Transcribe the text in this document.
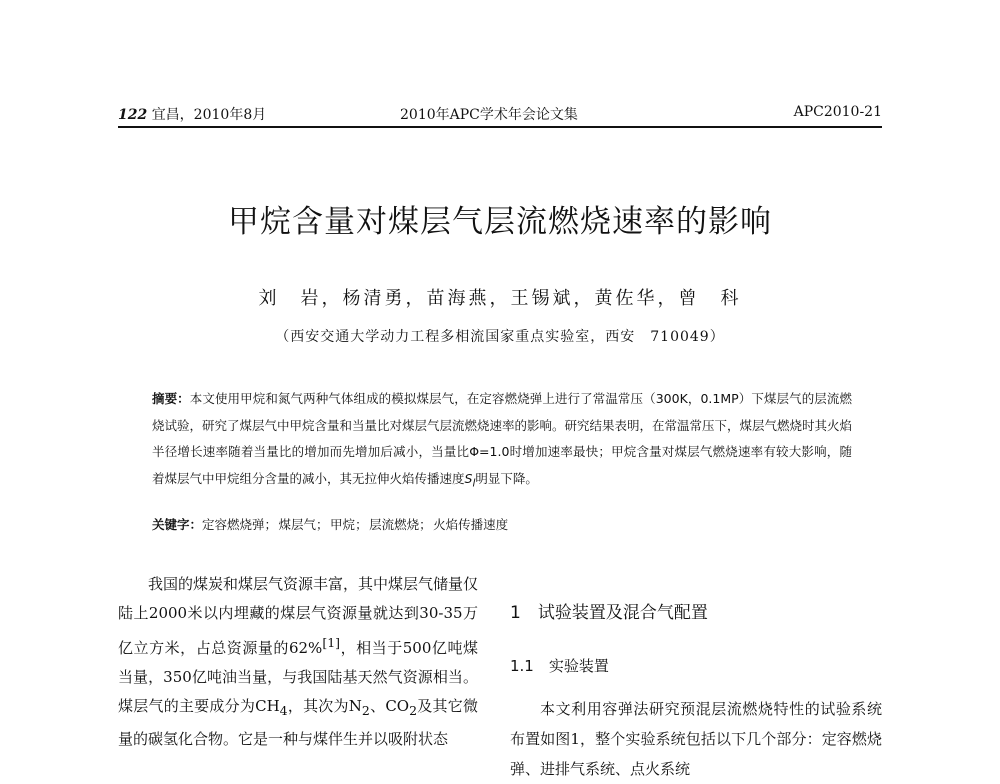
122 宜昌，2010年8月	2010年APC学术年会论文集	APC2010-21
甲烷含量对煤层气层流燃烧速率的影响
刘　岩，杨清勇，苗海燕，王锡斌，黄佐华，曾　科
（西安交通大学动力工程多相流国家重点实验室，西安　710049）
摘要：本文使用甲烷和氮气两种气体组成的模拟煤层气，在定容燃烧弹上进行了常温常压（300K，0.1MP）下煤层气的层流燃烧试验，研究了煤层气中甲烷含量和当量比对煤层气层流燃烧速率的影响。研究结果表明，在常温常压下，煤层气燃烧时其火焰半径增长速率随着当量比的增加而先增加后减小，当量比Φ=1.0时增加速率最快；甲烷含量对煤层气燃烧速率有较大影响，随着煤层气中甲烷组分含量的减小，其无拉伸火焰传播速度$S_l$明显下降。
关键字：定容燃烧弹；煤层气；甲烷；层流燃烧；火焰传播速度

我国的煤炭和煤层气资源丰富，其中煤层气储量仅陆上2000米以内埋藏的煤层气资源量就达到30-35万亿立方米，占总资源量的62%[1]，相当于500亿吨煤当量，350亿吨油当量，与我国陆基天然气资源相当。煤层气的主要成分为$CH_4$，其次为$N_2$、$CO_2$及其它微量的碳氢化合物。它是一种与煤伴生并以吸附状态

1　试验装置及混合气配置
1.1　实验装置

本文利用容弹法研究预混层流燃烧特性的试验系统布置如图1，整个实验系统包括以下几个部分：定容燃烧弹、进排气系统、点火系统
